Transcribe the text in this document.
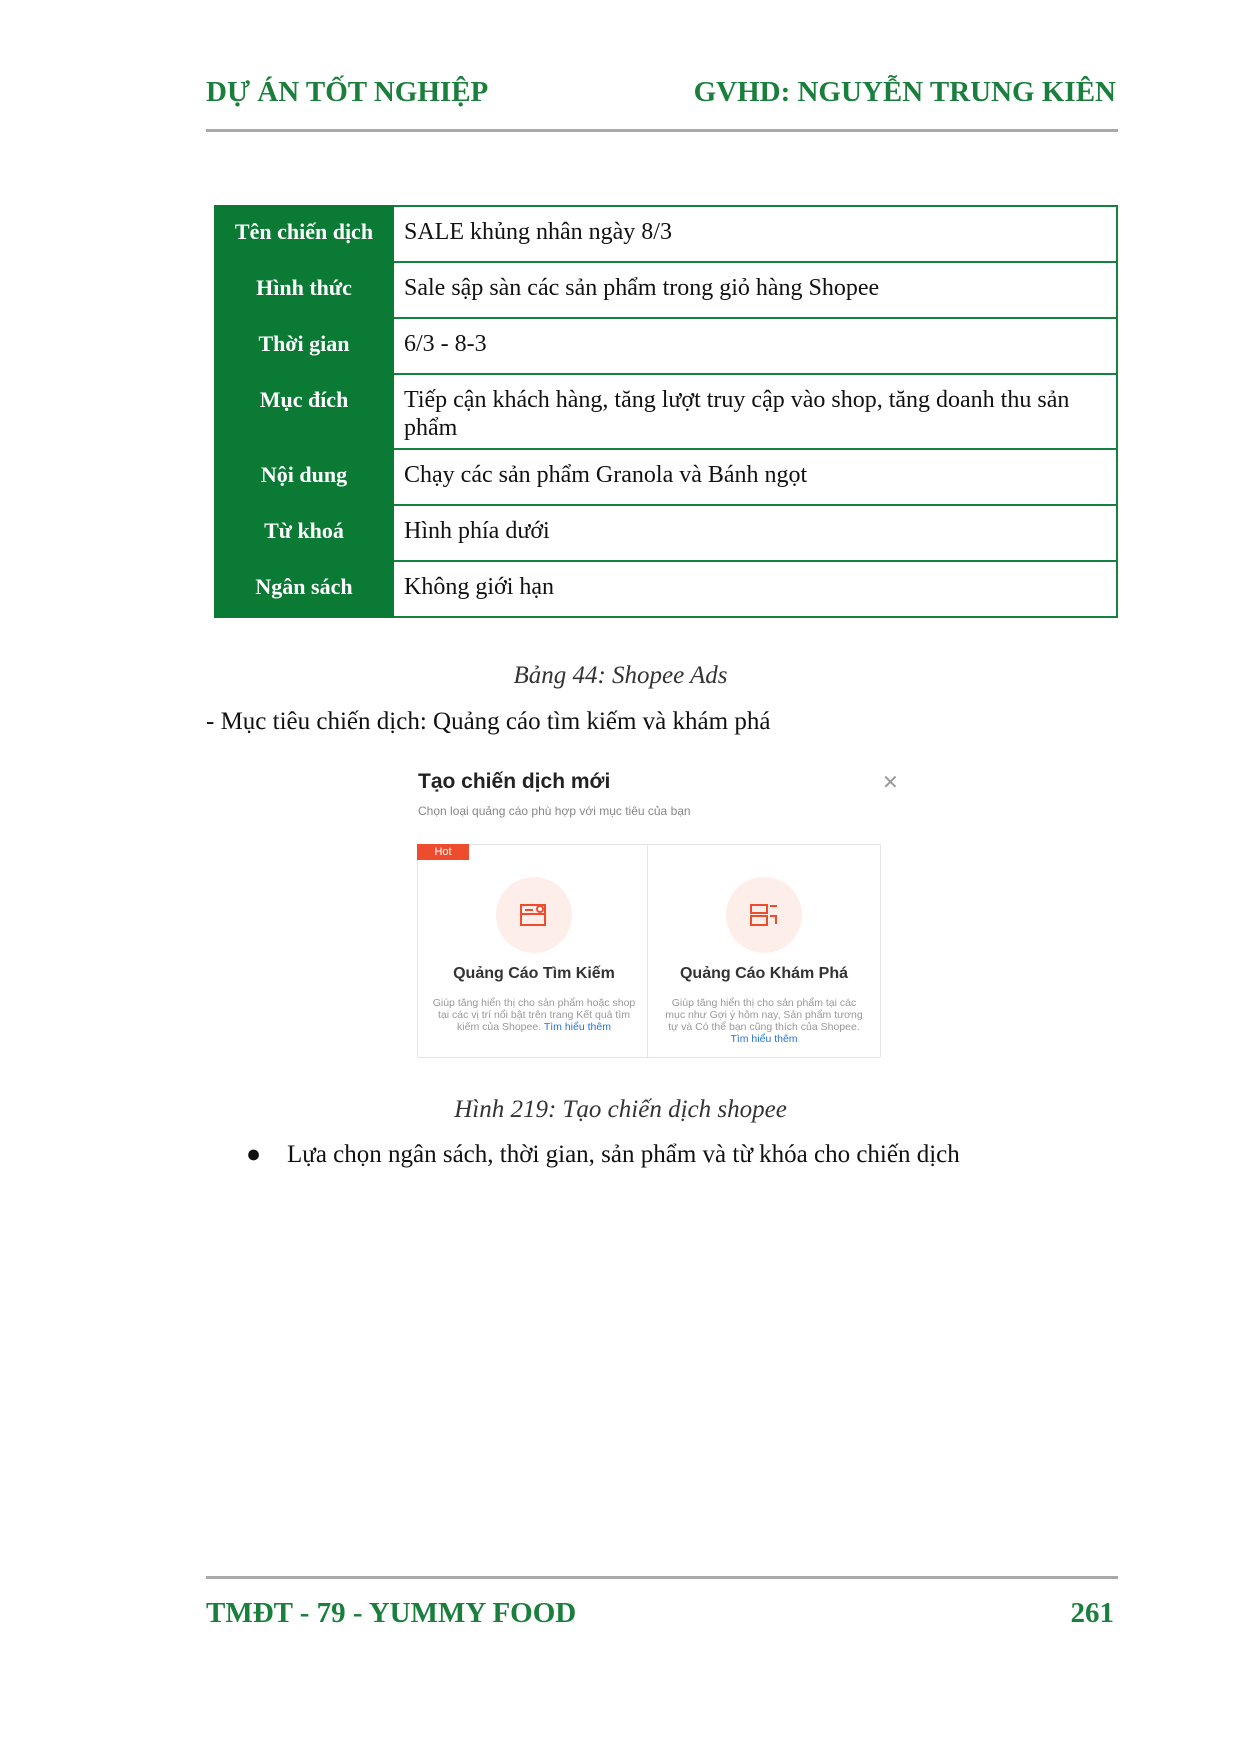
DỰ ÁN TỐT NGHIỆP	GVHD: NGUYỄN TRUNG KIÊN
Tên chiến dịch	SALE khủng nhân ngày 8/3
Hình thức	Sale sập sàn các sản phẩm trong giỏ hàng Shopee
Thời gian	6/3 - 8-3
Mục đích	Tiếp cận khách hàng, tăng lượt truy cập vào shop, tăng doanh thu sản phẩm
Nội dung	Chạy các sản phẩm Granola và Bánh ngọt
Từ khoá	Hình phía dưới
Ngân sách	Không giới hạn
Bảng 44: Shopee Ads
- Mục tiêu chiến dịch: Quảng cáo tìm kiếm và khám phá
Tạo chiến dịch mới
Chọn loại quảng cáo phù hợp với mục tiêu của bạn
✕
Hot
Quảng Cáo Tìm Kiếm
Giúp tăng hiển thị cho sản phẩm hoặc shop tại các vị trí nổi bật trên trang Kết quả tìm kiếm của Shopee. Tìm hiểu thêm
Quảng Cáo Khám Phá
Giúp tăng hiển thị cho sản phẩm tại các mục như Gợi ý hôm nay, Sản phẩm tương tự và Có thể bạn cũng thích của Shopee. Tìm hiểu thêm
Hình 219: Tạo chiến dịch shopee
● Lựa chọn ngân sách, thời gian, sản phẩm và từ khóa cho chiến dịch
TMĐT - 79 - YUMMY FOOD	261
